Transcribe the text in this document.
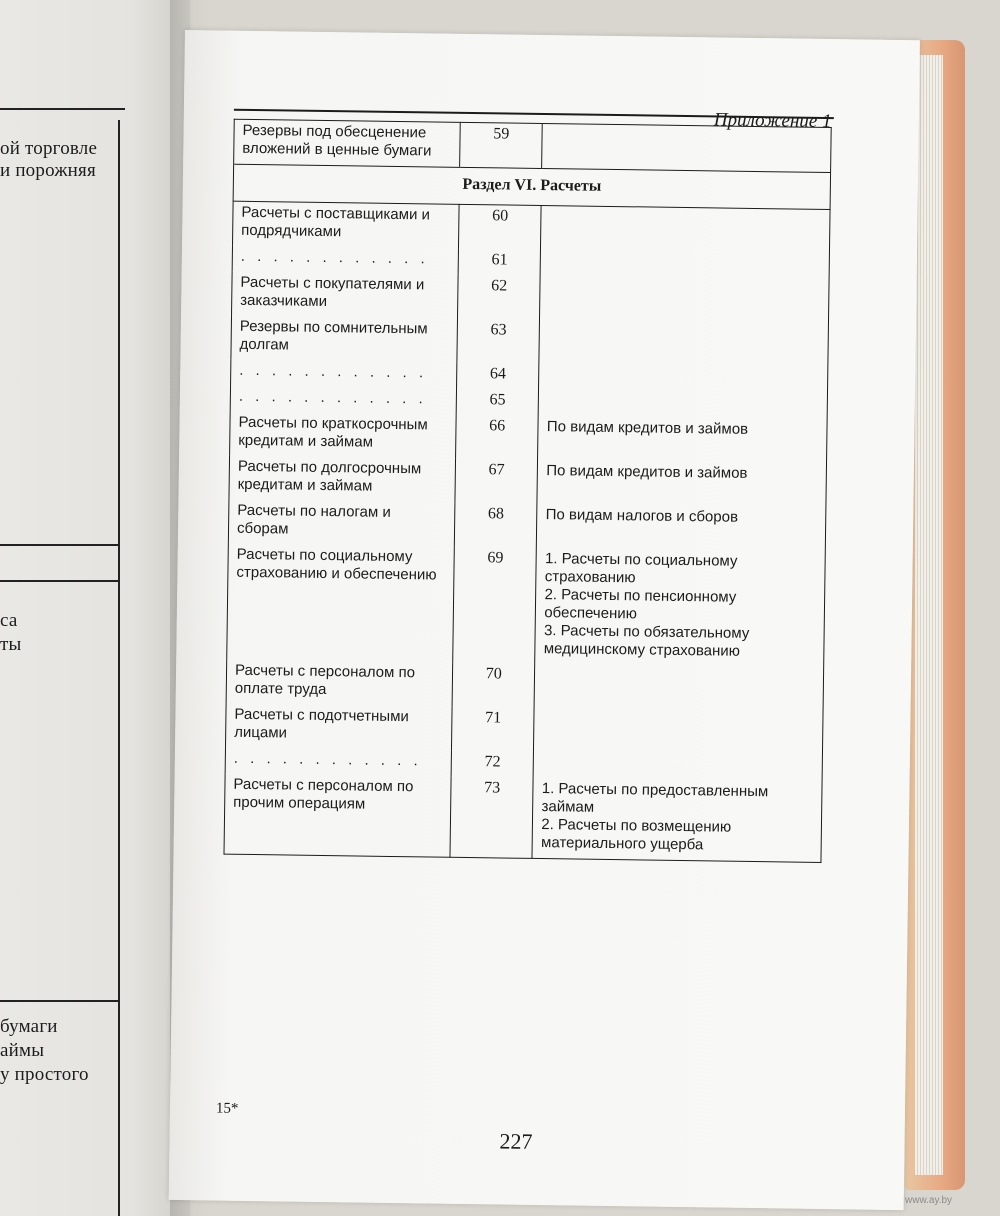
ой торговле
и порожняя
са
ты
бумаги
аймы
у простого
Приложение 1
Резервы под обесценение вложений в ценные бумаги	59	
Раздел VI. Расчеты		
Расчеты с поставщиками и подрядчиками	60	
. . . . . . . . . . . .	61	
Расчеты с покупателями и заказчиками	62	
Резервы по сомнительным долгам	63	
. . . . . . . . . . . .	64	
. . . . . . . . . . . .	65	
Расчеты по краткосрочным кредитам и займам	66	По видам кредитов и займов

Расчеты по долгосрочным кредитам и займам	67	По видам кредитов и займов

Расчеты по налогам и сборам	68	По видам налогов и сборов

Расчеты по социальному страхованию и обеспечению	69	1. Расчеты по социальному страхованию
2. Расчеты по пенсионному обеспечению
3. Расчеты по обязательному медицинскому страхованию

Расчеты с персоналом по оплате труда	70	
Расчеты с подотчетными лицами	71	
. . . . . . . . . . . .	72	
Расчеты с персоналом по прочим операциям	73	1. Расчеты по предоставленным займам
2. Расчеты по возмещению материального ущерба
15*
227
www.ay.by
